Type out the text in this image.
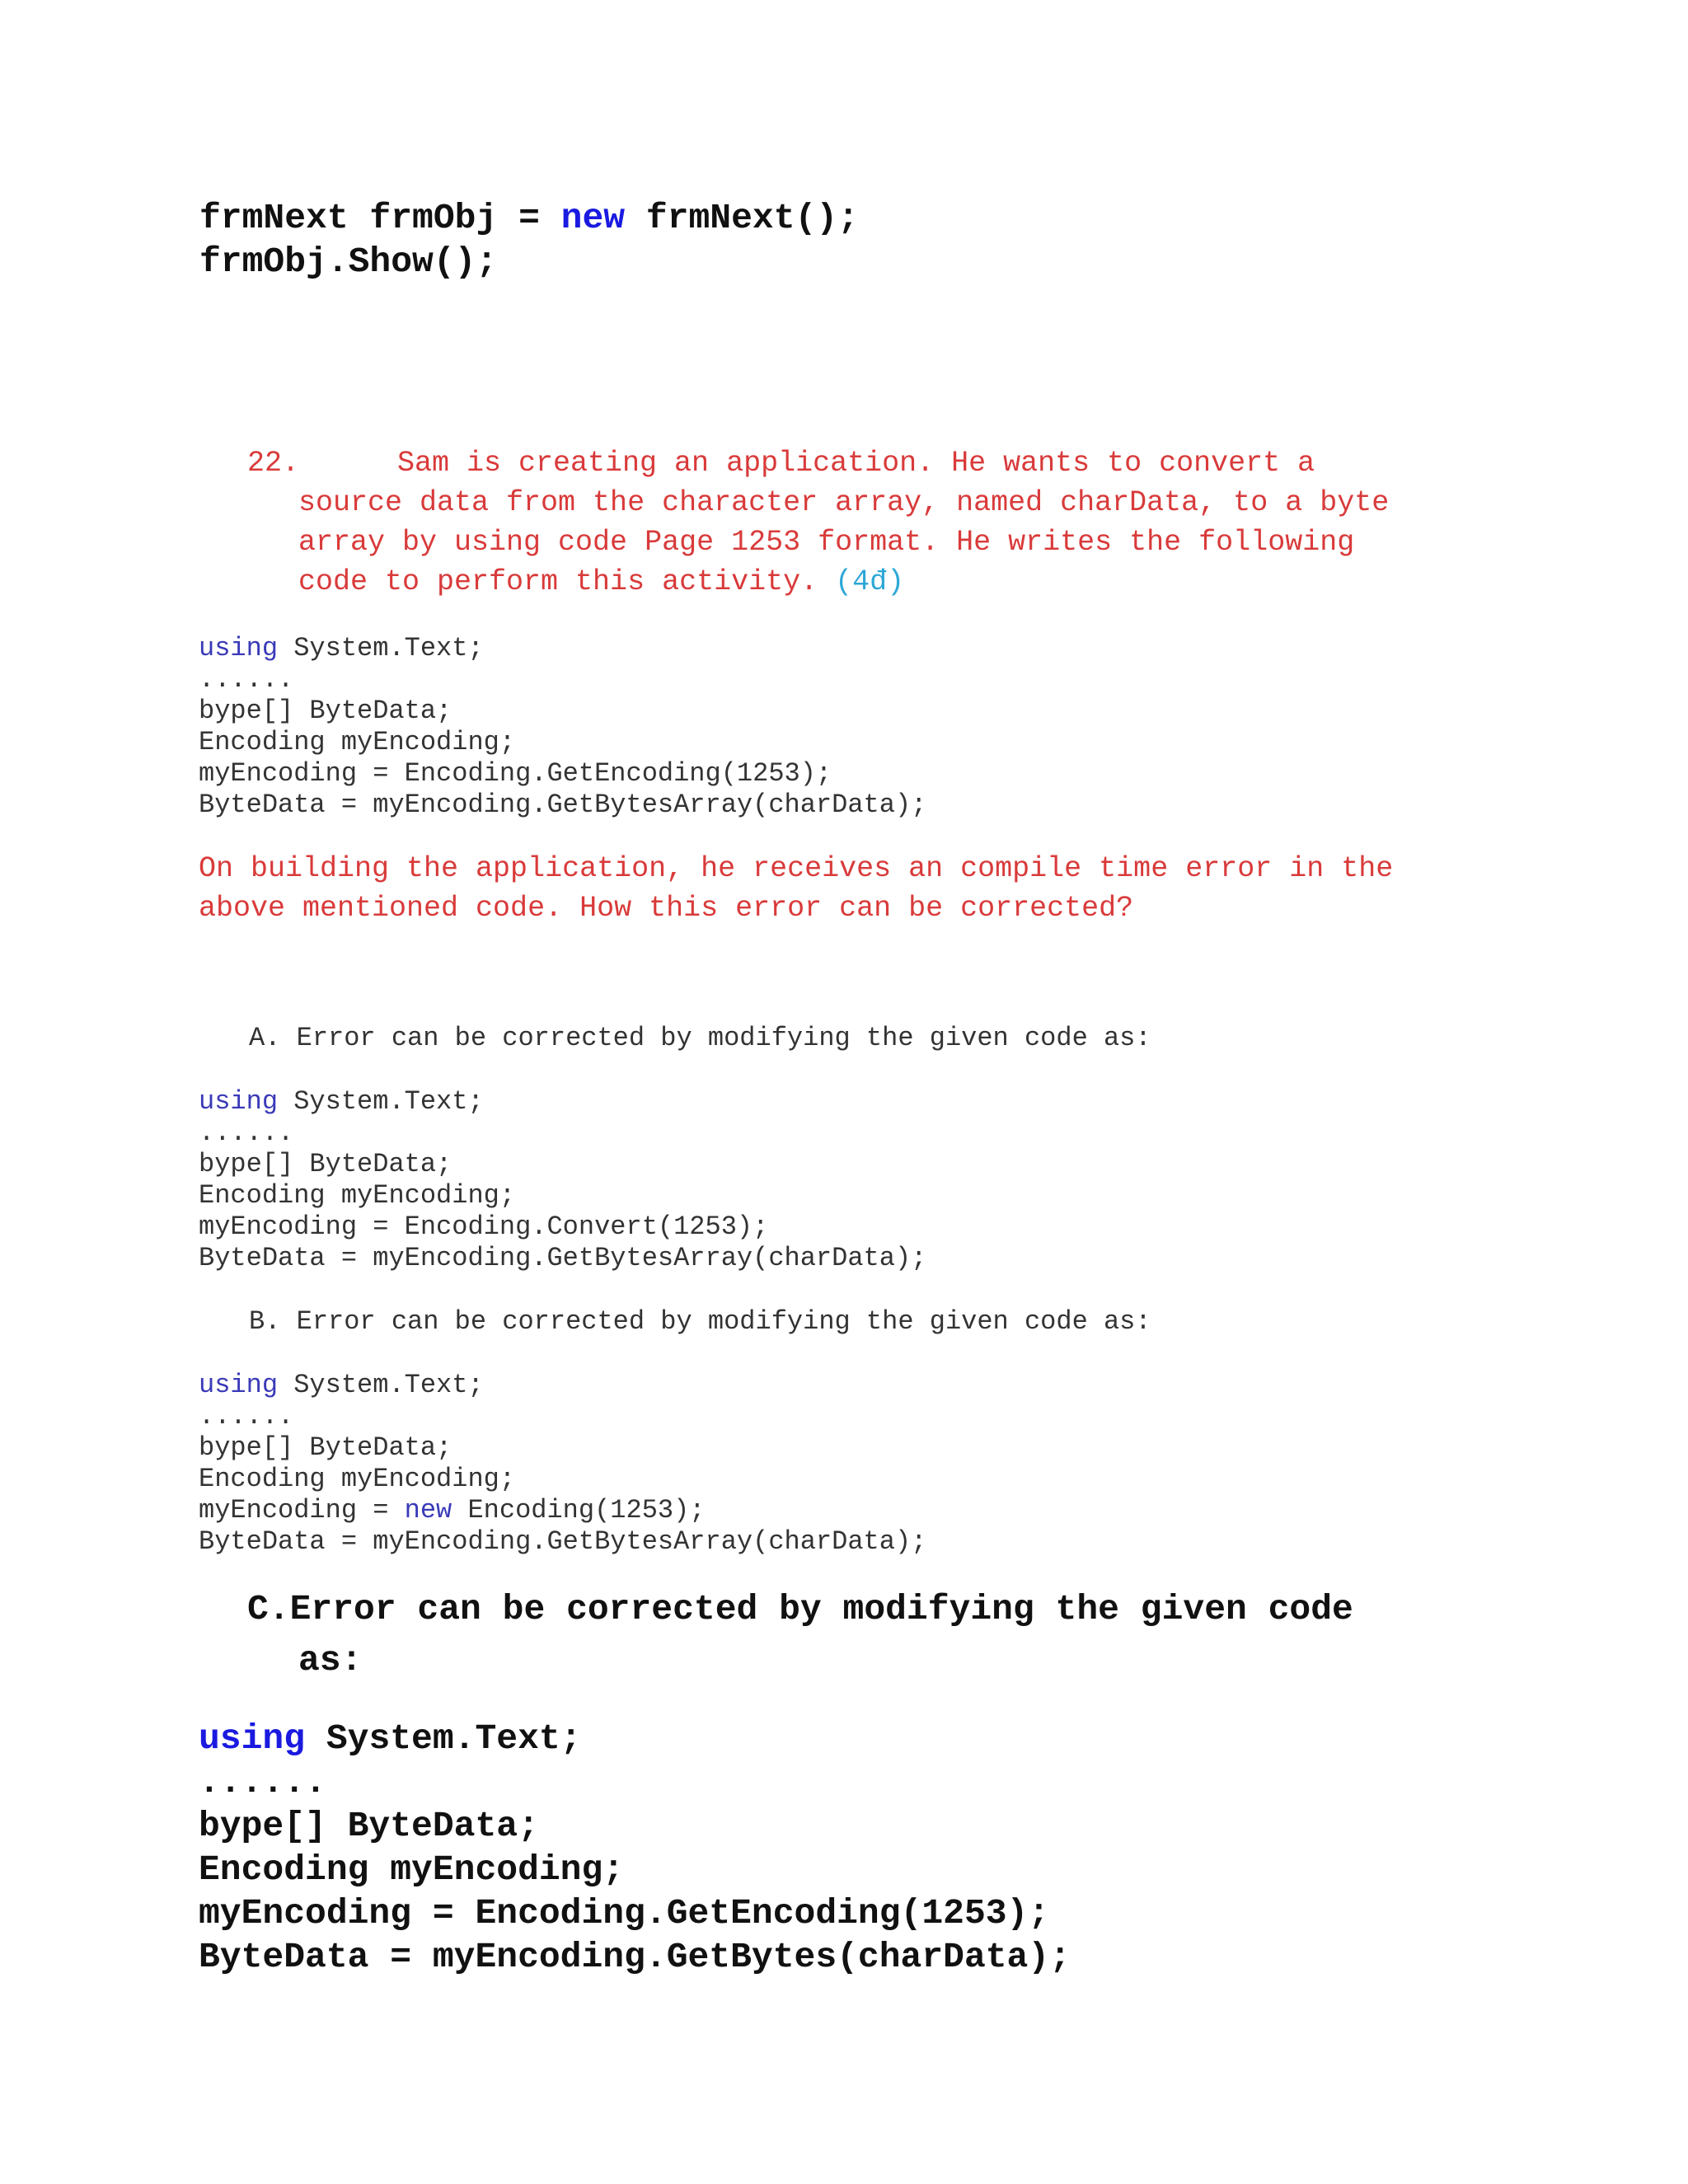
frmNext frmObj = new frmNext();
frmObj.Show();
22.	Sam is creating an application. He wants to convert a
source data from the character array, named charData, to a byte
array by using code Page 1253 format. He writes the following
code to perform this activity. (4đ)
using System.Text;
......
bype[] ByteData;
Encoding myEncoding;
myEncoding = Encoding.GetEncoding(1253);
ByteData = myEncoding.GetBytesArray(charData);
On building the application, he receives an compile time error in the
above mentioned code. How this error can be corrected?
A. Error can be corrected by modifying the given code as:
using System.Text;
......
bype[] ByteData;
Encoding myEncoding;
myEncoding = Encoding.Convert(1253);
ByteData = myEncoding.GetBytesArray(charData);
B. Error can be corrected by modifying the given code as:
using System.Text;
......
bype[] ByteData;
Encoding myEncoding;
myEncoding = new Encoding(1253);
ByteData = myEncoding.GetBytesArray(charData);
C.Error can be corrected by modifying the given code
as:
using System.Text;
......
bype[] ByteData;
Encoding myEncoding;
myEncoding = Encoding.GetEncoding(1253);
ByteData = myEncoding.GetBytes(charData);
